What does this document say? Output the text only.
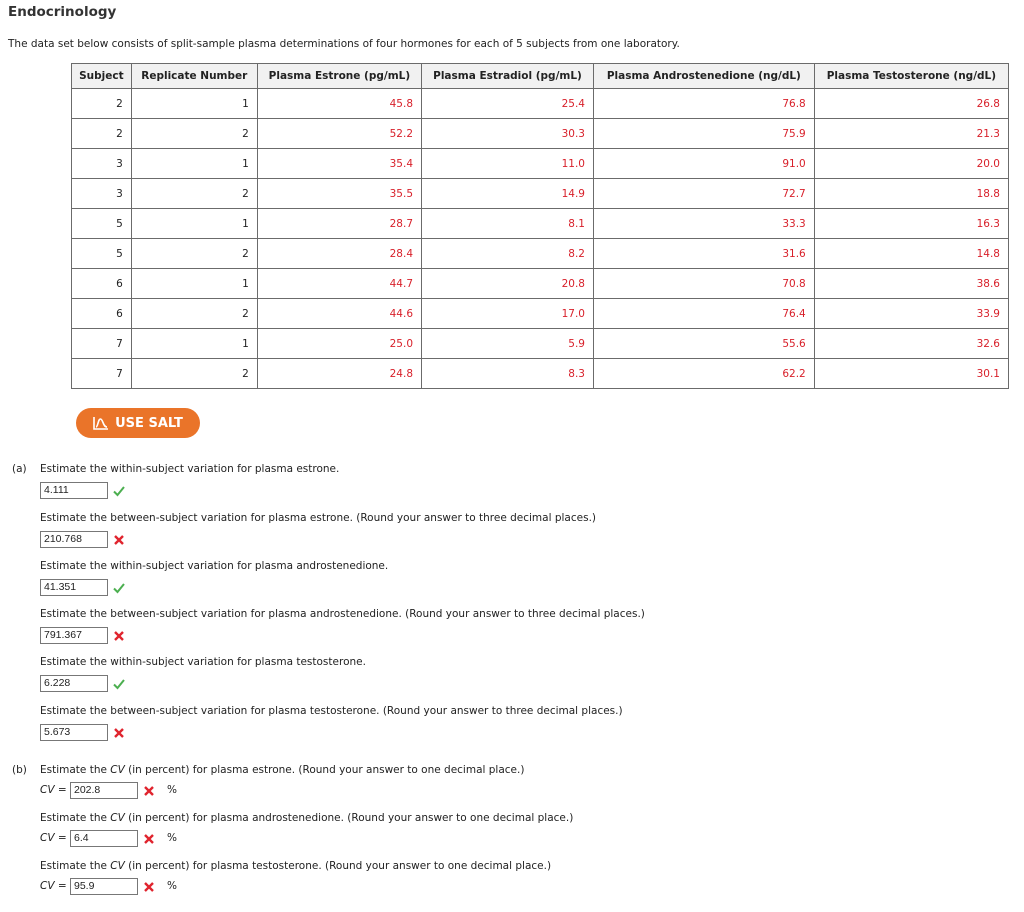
Endocrinology
The data set below consists of split-sample plasma determinations of four hormones for each of 5 subjects from one laboratory.
Subject	Replicate Number	Plasma Estrone (pg/mL)	Plasma Estradiol (pg/mL)	Plasma Androstenedione (ng/dL)	Plasma Testosterone (ng/dL)
2	1	45.8	25.4	76.8	26.8
2	2	52.2	30.3	75.9	21.3
3	1	35.4	11.0	91.0	20.0
3	2	35.5	14.9	72.7	18.8
5	1	28.7	8.1	33.3	16.3
5	2	28.4	8.2	31.6	14.8
6	1	44.7	20.8	70.8	38.6
6	2	44.6	17.0	76.4	33.9
7	1	25.0	5.9	55.6	32.6
7	2	24.8	8.3	62.2	30.1
USE SALT
(a) Estimate the within-subject variation for plasma estrone.
4.111
Estimate the between-subject variation for plasma estrone. (Round your answer to three decimal places.)
210.768
Estimate the within-subject variation for plasma androstenedione.
41.351
Estimate the between-subject variation for plasma androstenedione. (Round your answer to three decimal places.)
791.367
Estimate the within-subject variation for plasma testosterone.
6.228
Estimate the between-subject variation for plasma testosterone. (Round your answer to three decimal places.)
5.673
(b) Estimate the CV (in percent) for plasma estrone. (Round your answer to one decimal place.)
CV = 202.8	%
Estimate the CV (in percent) for plasma androstenedione. (Round your answer to one decimal place.)
CV = 6.4	%
Estimate the CV (in percent) for plasma testosterone. (Round your answer to one decimal place.)
CV = 95.9	%
